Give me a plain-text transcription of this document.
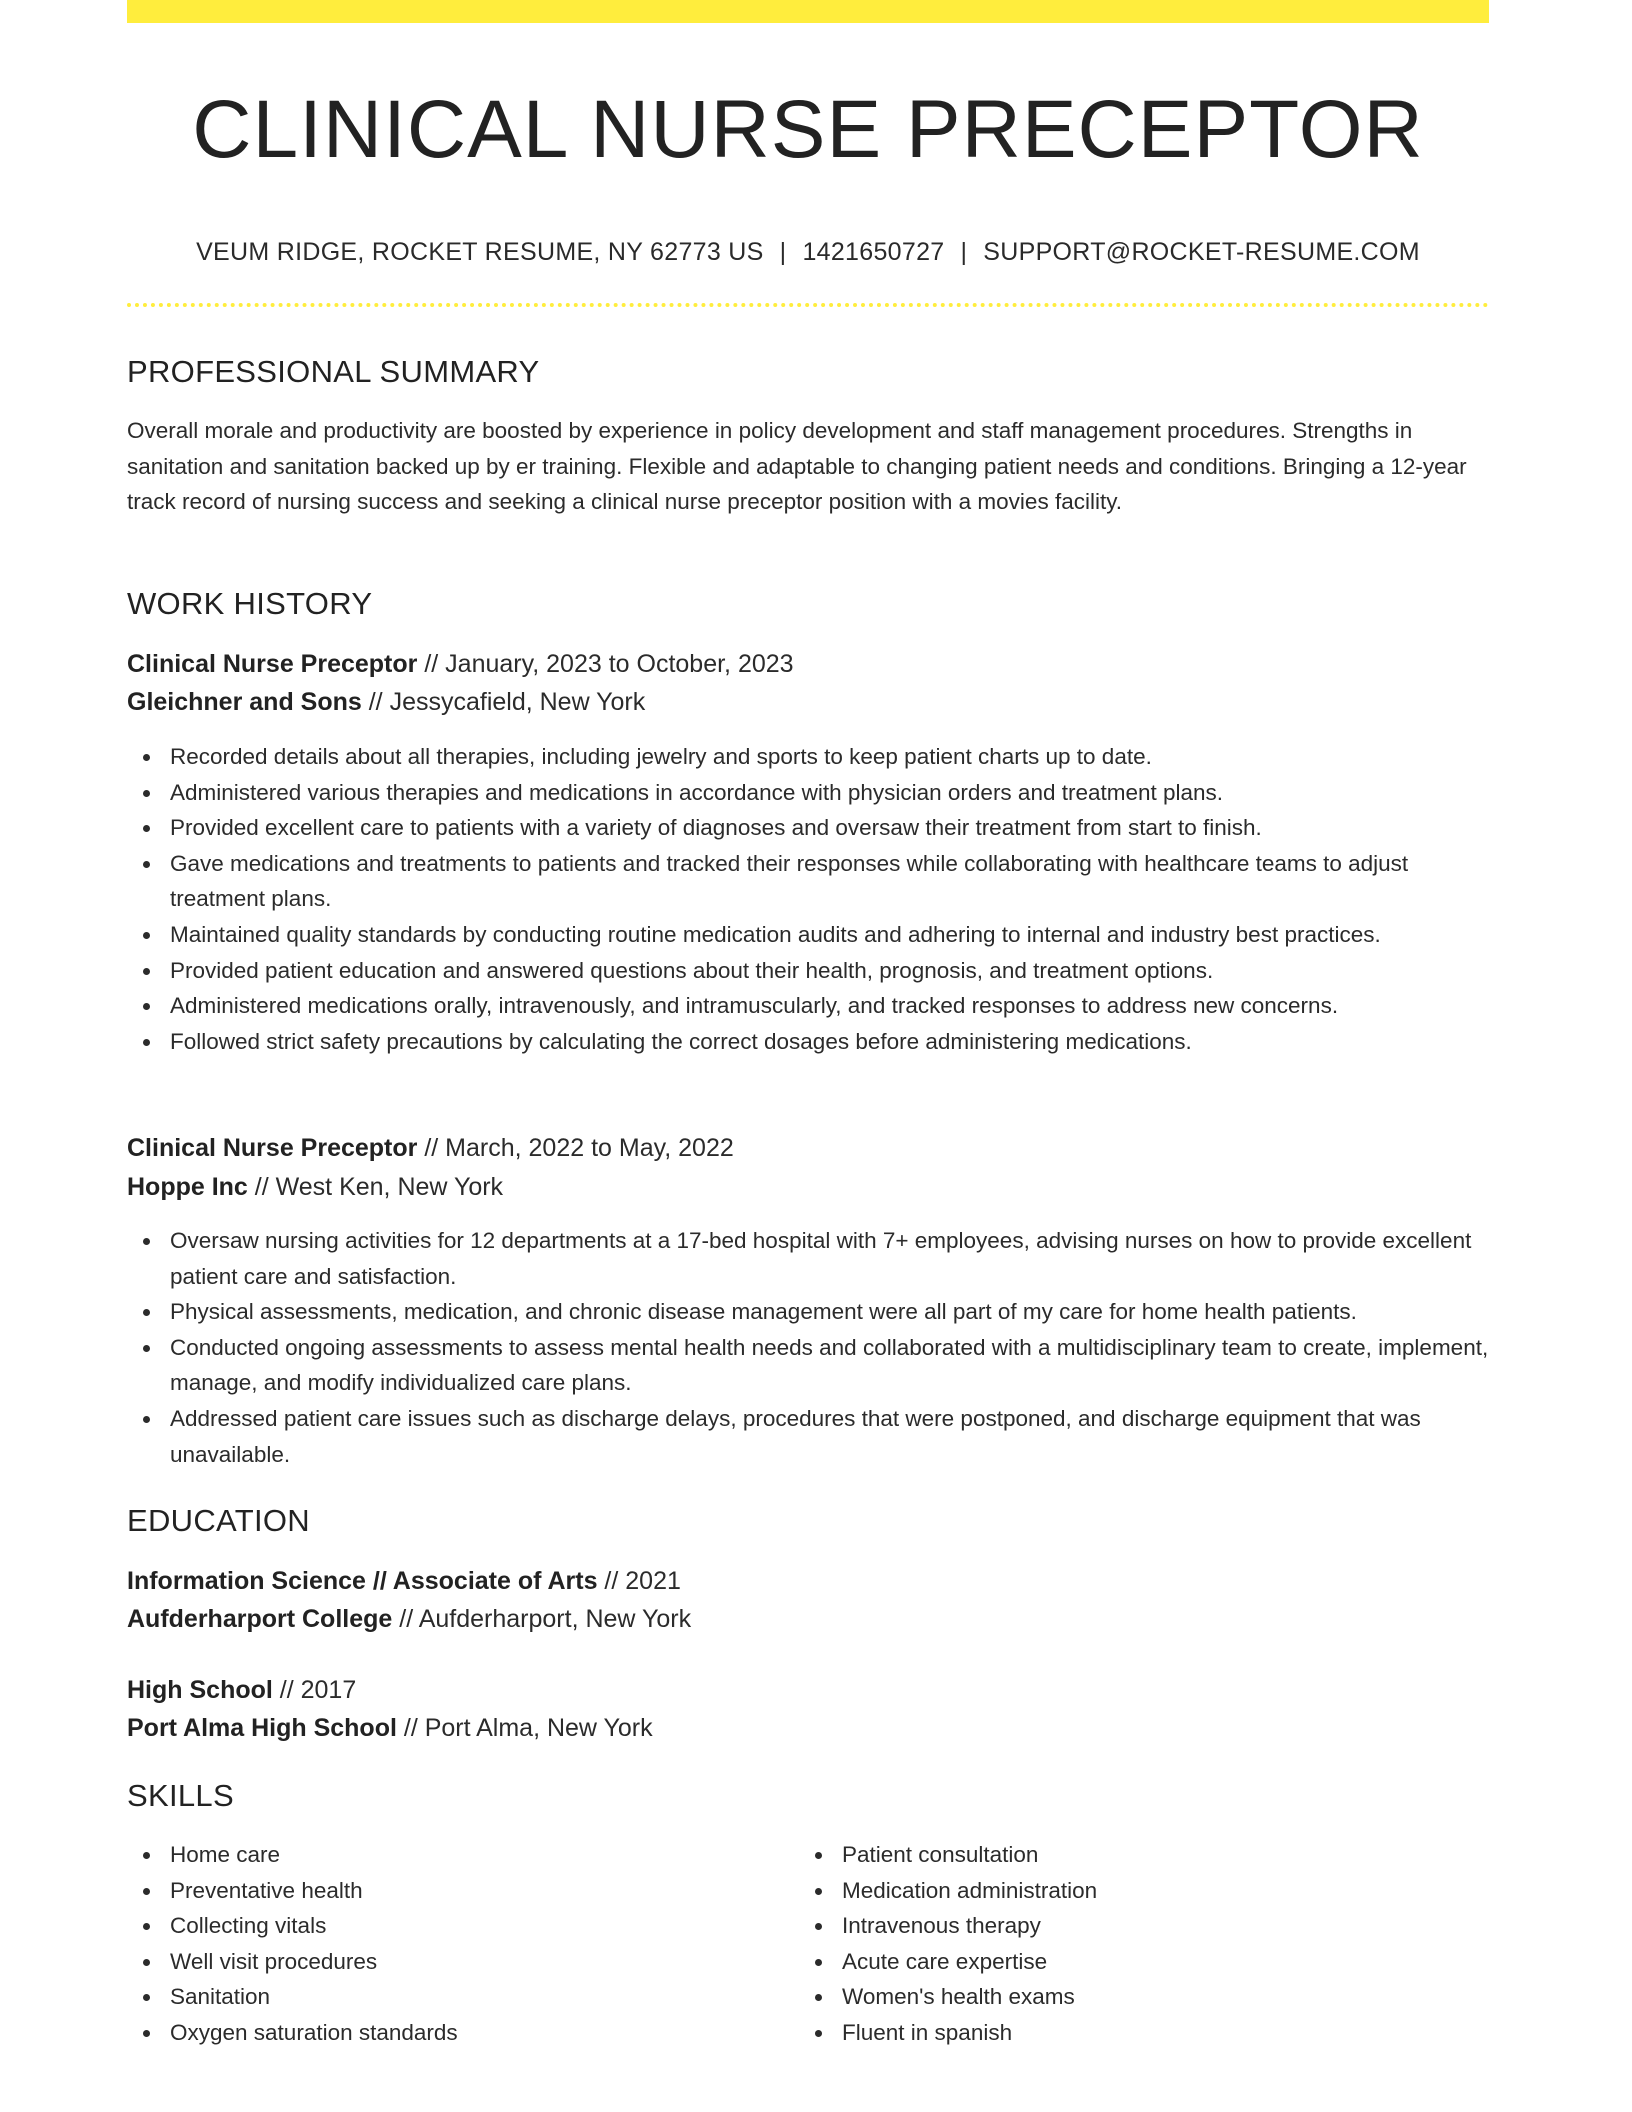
CLINICAL NURSE PRECEPTOR
VEUM RIDGE, ROCKET RESUME, NY 62773 US | 1421650727 | SUPPORT@ROCKET-RESUME.COM
PROFESSIONAL SUMMARY

Overall morale and productivity are boosted by experience in policy development and staff management procedures. Strengths in sanitation and sanitation backed up by er training. Flexible and adaptable to changing patient needs and conditions. Bringing a 12-year track record of nursing success and seeking a clinical nurse preceptor position with a movies facility.

WORK HISTORY
Clinical Nurse Preceptor // January, 2023 to October, 2023
Gleichner and Sons // Jessycafield, New York
Recorded details about all therapies, including jewelry and sports to keep patient charts up to date.
Administered various therapies and medications in accordance with physician orders and treatment plans.
Provided excellent care to patients with a variety of diagnoses and oversaw their treatment from start to finish.
Gave medications and treatments to patients and tracked their responses while collaborating with healthcare teams to adjust treatment plans.
Maintained quality standards by conducting routine medication audits and adhering to internal and industry best practices.
Provided patient education and answered questions about their health, prognosis, and treatment options.
Administered medications orally, intravenously, and intramuscularly, and tracked responses to address new concerns.
Followed strict safety precautions by calculating the correct dosages before administering medications.
Clinical Nurse Preceptor // March, 2022 to May, 2022
Hoppe Inc // West Ken, New York
Oversaw nursing activities for 12 departments at a 17-bed hospital with 7+ employees, advising nurses on how to provide excellent patient care and satisfaction.
Physical assessments, medication, and chronic disease management were all part of my care for home health patients.
Conducted ongoing assessments to assess mental health needs and collaborated with a multidisciplinary team to create, implement, manage, and modify individualized care plans.
Addressed patient care issues such as discharge delays, procedures that were postponed, and discharge equipment that was unavailable.
EDUCATION
Information Science // Associate of Arts // 2021
Aufderharport College // Aufderharport, New York
High School // 2017
Port Alma High School // Port Alma, New York
SKILLS
Home care
Preventative health
Collecting vitals
Well visit procedures
Sanitation
Oxygen saturation standards
Patient consultation
Medication administration
Intravenous therapy
Acute care expertise
Women's health exams
Fluent in spanish
